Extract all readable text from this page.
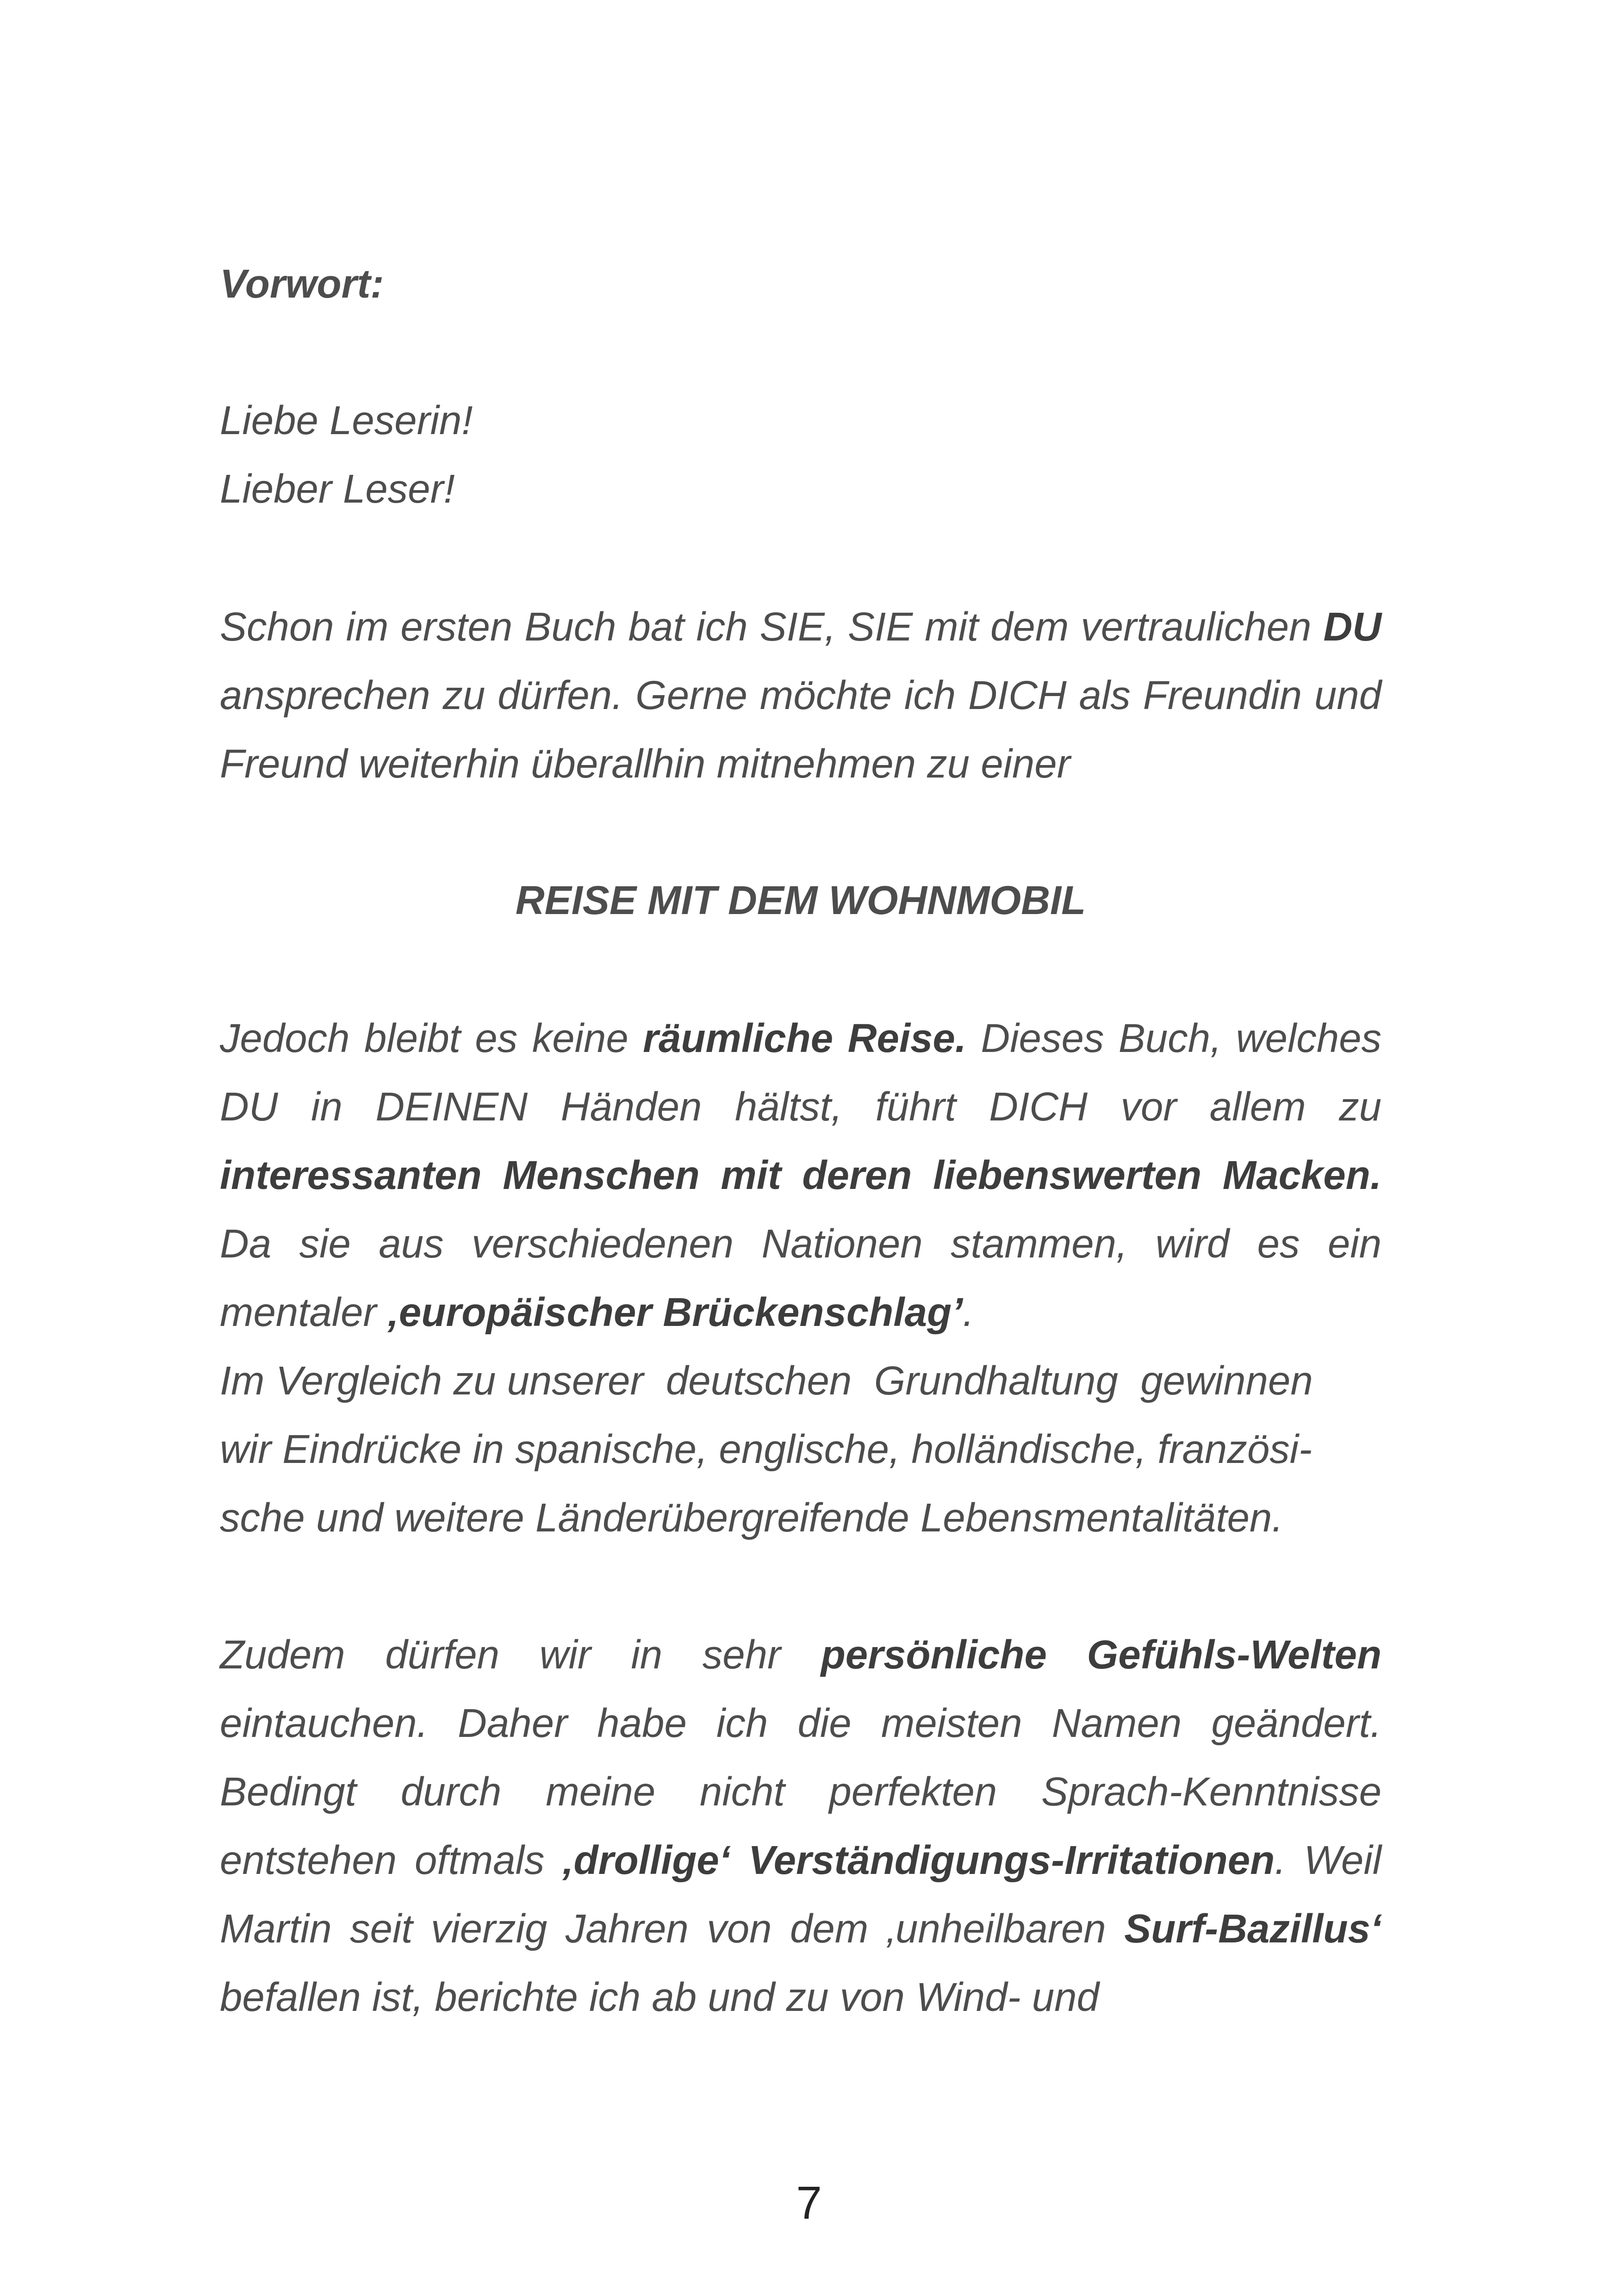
Vorwort:

Liebe Leserin!
Lieber Leser!

Schon im ersten Buch bat ich SIE, SIE mit dem vertraulichen DU ansprechen zu dürfen. Gerne möchte ich DICH als Freundin und Freund weiterhin überallhin mitnehmen zu einer

REISE MIT DEM WOHNMOBIL

Jedoch bleibt es keine räumliche Reise. Dieses Buch, welches DU in DEINEN Händen hältst, führt DICH vor allem zu interessanten Menschen mit deren liebenswerten Macken. Da sie aus verschiedenen Nationen stammen, wird es ein mentaler ‚europäischer Brückenschlag’.

Im Vergleich zu unserer  deutschen  Grundhaltung  gewinnen
wir Eindrücke in spanische, englische, holländische, französi-
sche und weitere Länderübergreifende Lebensmentalitäten.

Zudem dürfen wir in sehr persönliche Gefühls-Welten eintauchen. Daher habe ich die meisten Namen geändert. Bedingt durch meine nicht perfekten Sprach-Kenntnisse entstehen oftmals ‚drollige‘ Verständigungs-Irritationen. Weil Martin seit vierzig Jahren von dem ‚unheilbaren Surf-Bazillus‘ befallen ist, berichte ich ab und zu von Wind- und

7
